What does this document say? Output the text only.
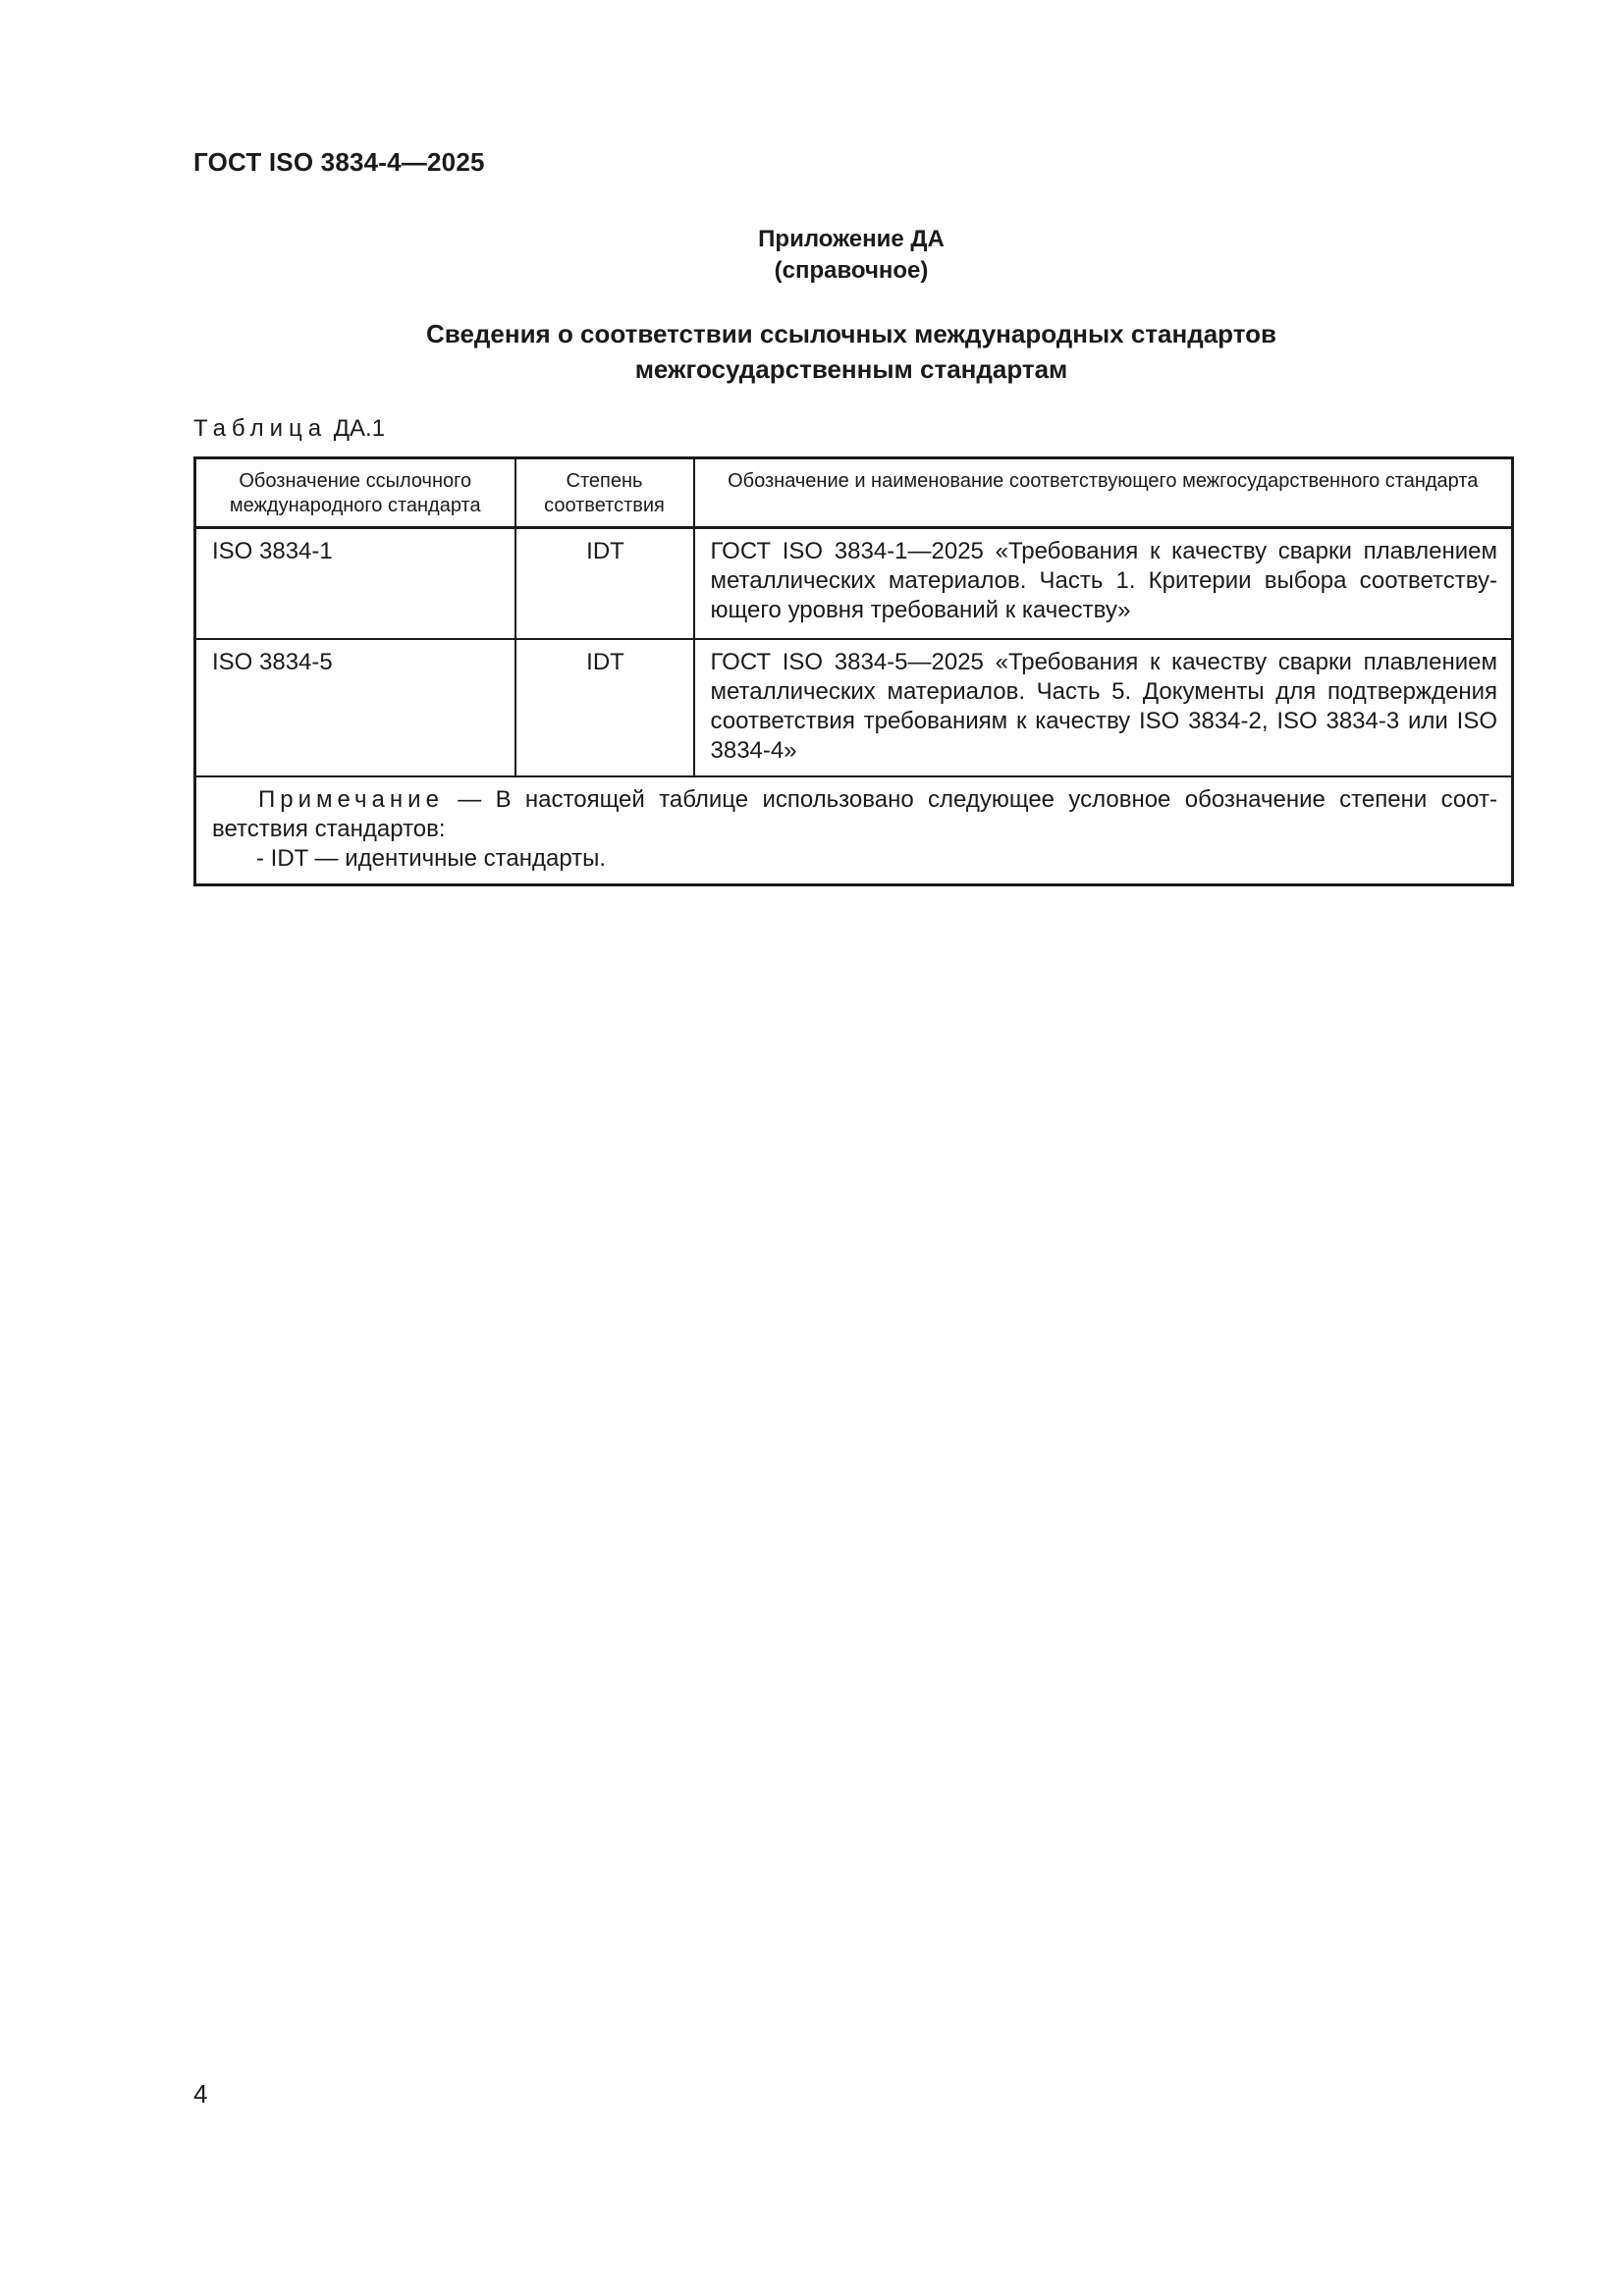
ГОСТ ISO 3834-4—2025
Приложение ДА
(справочное)
Сведения о соответствии ссылочных международных стандартов
межгосударственным стандартам
Таблица ДА.1
Обозначение ссылочного международного стандарта	Степень соответствия	Обозначение и наименование соответствующего межгосударственного стандарта
ISO 3834-1	IDT	ГОСТ ISO 3834-1—2025 «Требования к качеству сварки плавлением металлических материалов. Часть 1. Критерии выбора соответствующего уровня требований к качеству»
ISO 3834-5	IDT	ГОСТ ISO 3834-5—2025 «Требования к качеству сварки плавлением металлических материалов. Часть 5. Документы для подтверждения соответствия требованиям к качеству ISO 3834-2, ISO 3834-3 или ISO 3834-4»

Примечание — В настоящей таблице использовано следующее условное обозначение степени соответствия стандартов:
- IDT — идентичные стандарты.		
4
